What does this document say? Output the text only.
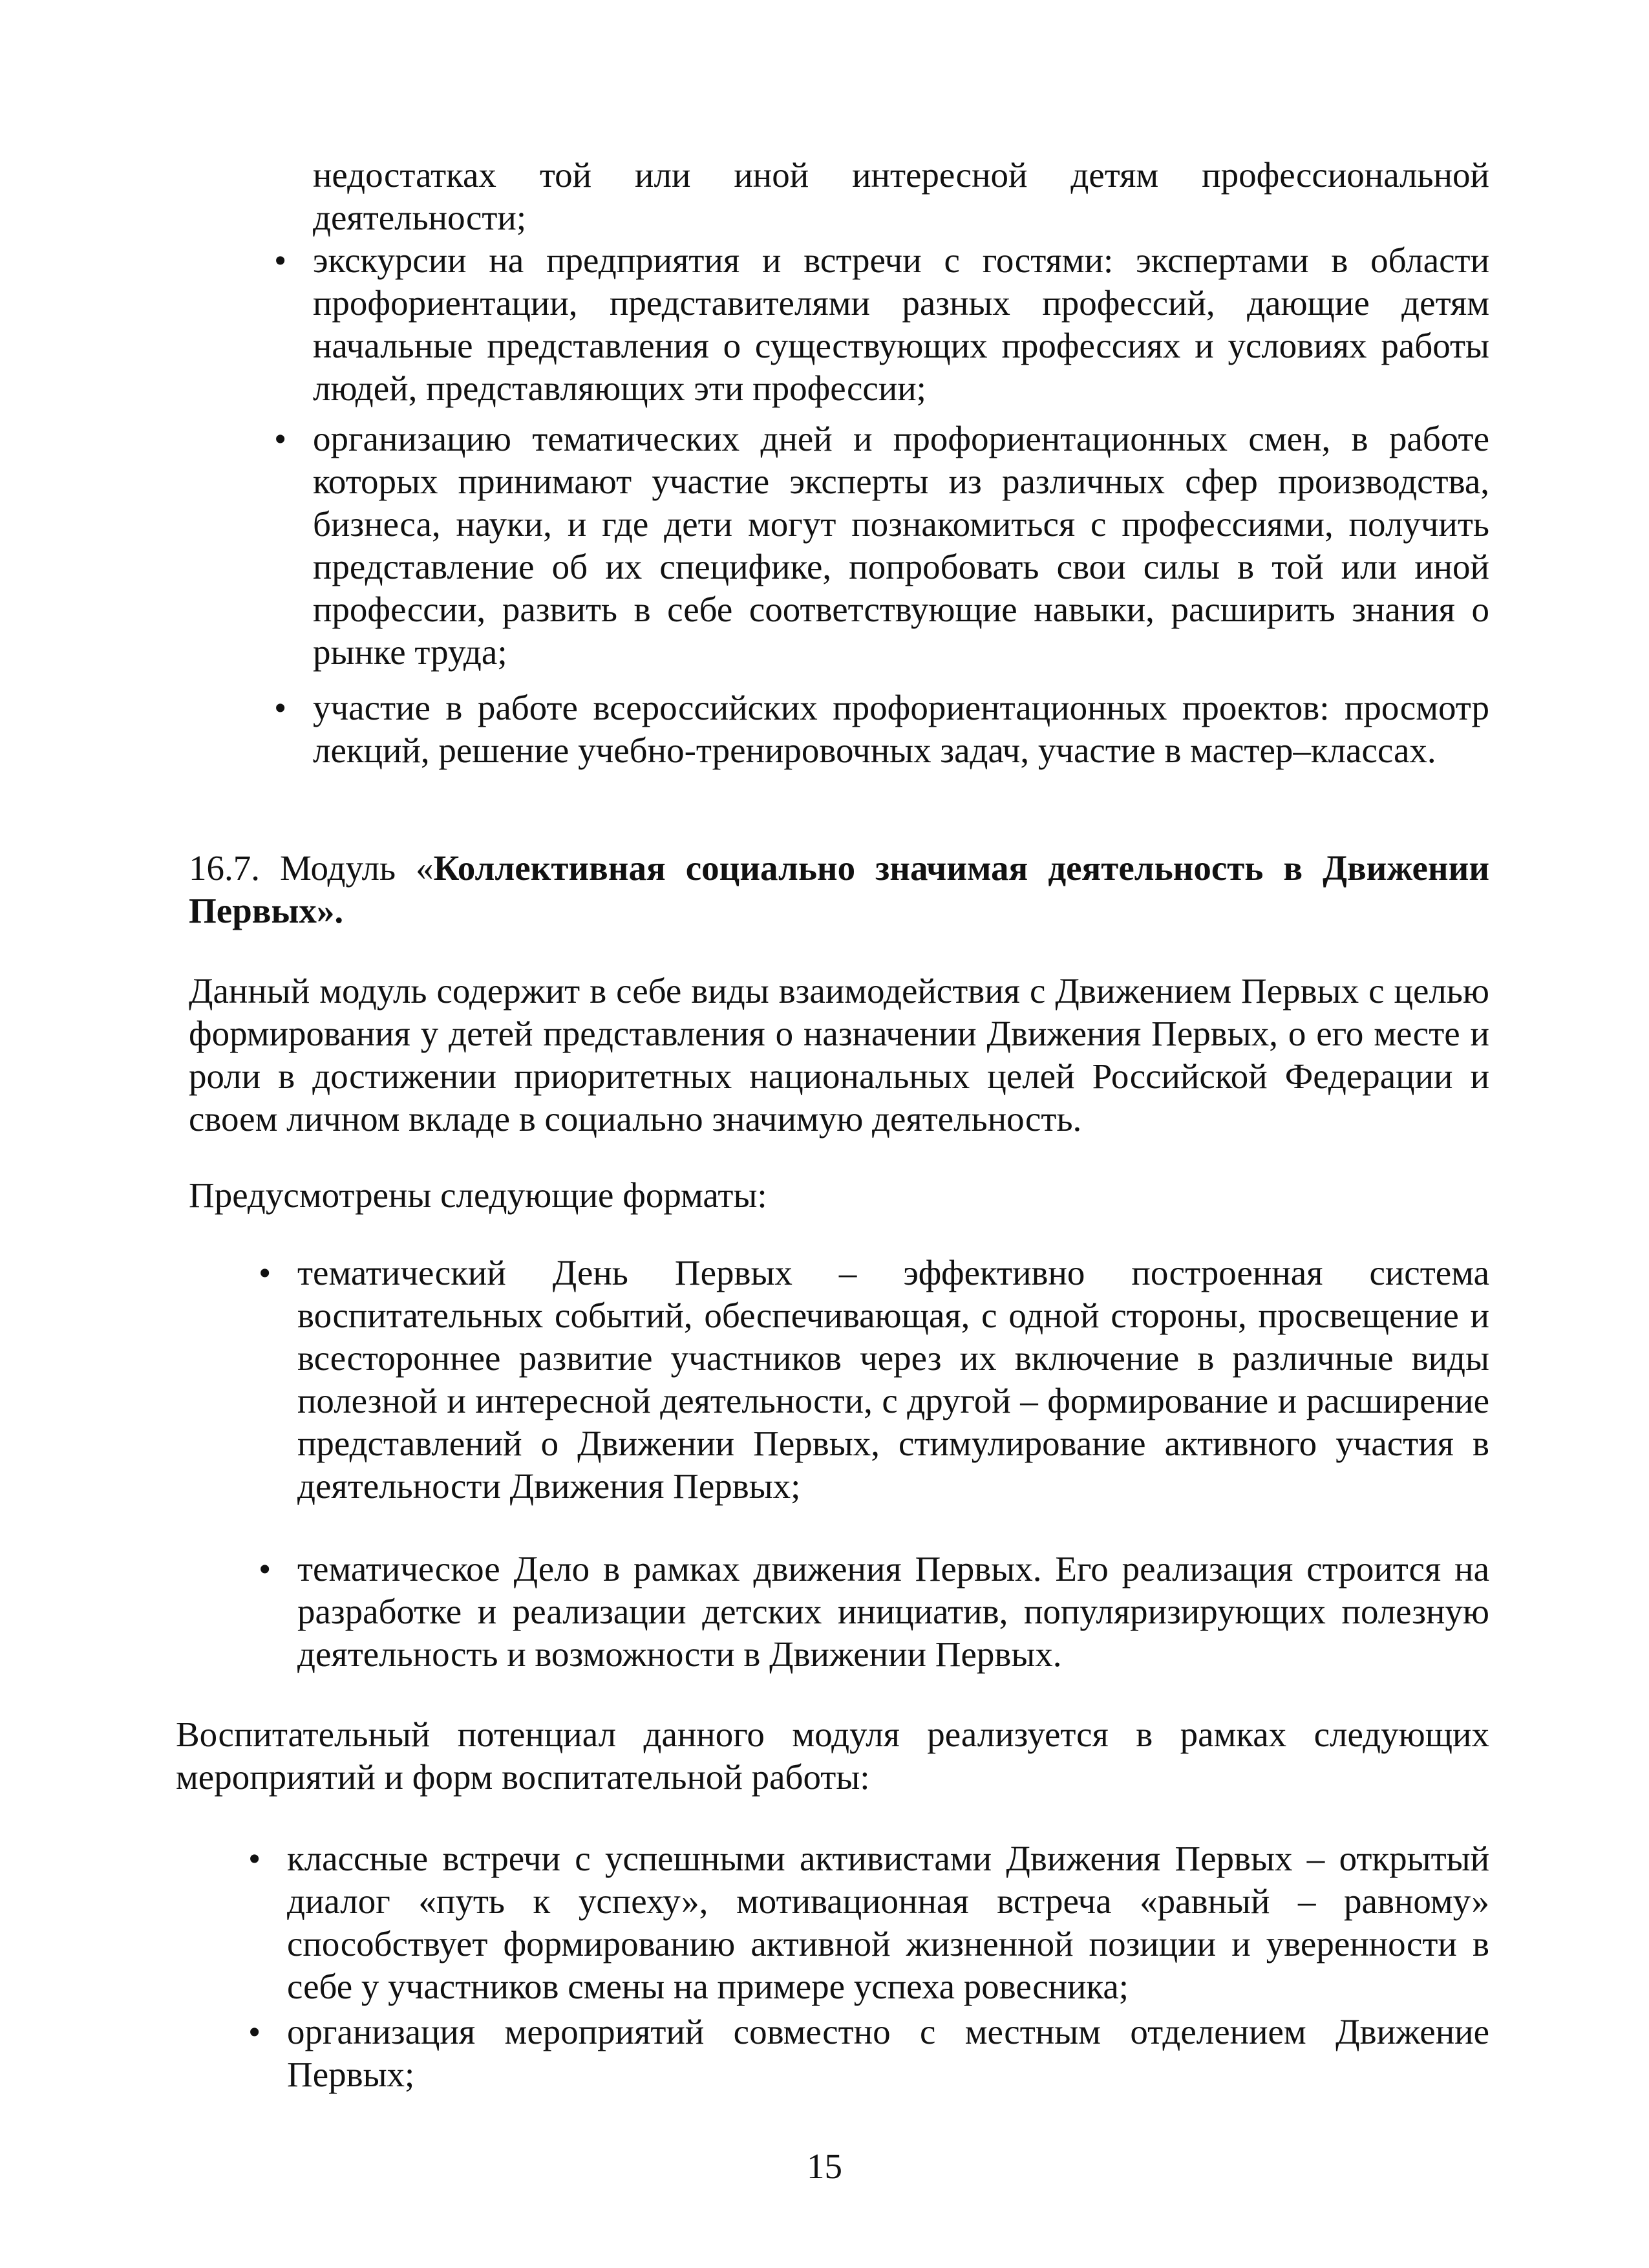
недостатках той или иной интересной детям профессиональной деятельности;

• экскурсии на предприятия и встречи с гостями: экспертами в области профориентации, представителями разных профессий, дающие детям начальные представления о существующих профессиях и условиях работы людей, представляющих эти профессии;

• организацию тематических дней и профориентационных смен, в работе которых принимают участие эксперты из различных сфер производства, бизнеса, науки, и где дети могут познакомиться с профессиями, получить представление об их специфике, попробовать свои силы в той или иной профессии, развить в себе соответствующие навыки, расширить знания о рынке труда;

• участие в работе всероссийских профориентационных проектов: просмотр лекций, решение учебно-тренировочных задач, участие в мастер–классах.

16.7. Модуль «Коллективная социально значимая деятельность в Движении Первых».

Данный модуль содержит в себе виды взаимодействия с Движением Первых с целью формирования у детей представления о назначении Движения Первых, о его месте и роли в достижении приоритетных национальных целей Российской Федерации и своем личном вкладе в социально значимую деятельность.

Предусмотрены следующие форматы:

• тематический День Первых – эффективно построенная система воспитательных событий, обеспечивающая, с одной стороны, просвещение и всестороннее развитие участников через их включение в различные виды полезной и интересной деятельности, с другой – формирование и расширение представлений о Движении Первых, стимулирование активного участия в деятельности Движения Первых;

• тематическое Дело в рамках движения Первых. Его реализация строится на разработке и реализации детских инициатив, популяризирующих полезную деятельность и возможности в Движении Первых.

Воспитательный потенциал данного модуля реализуется в рамках следующих мероприятий и форм воспитательной работы:

• классные встречи с успешными активистами Движения Первых – открытый диалог «путь к успеху», мотивационная встреча «равный – равному» способствует формированию активной жизненной позиции и уверенности в себе у участников смены на примере успеха ровесника;

• организация мероприятий совместно с местным отделением Движение Первых;

15
